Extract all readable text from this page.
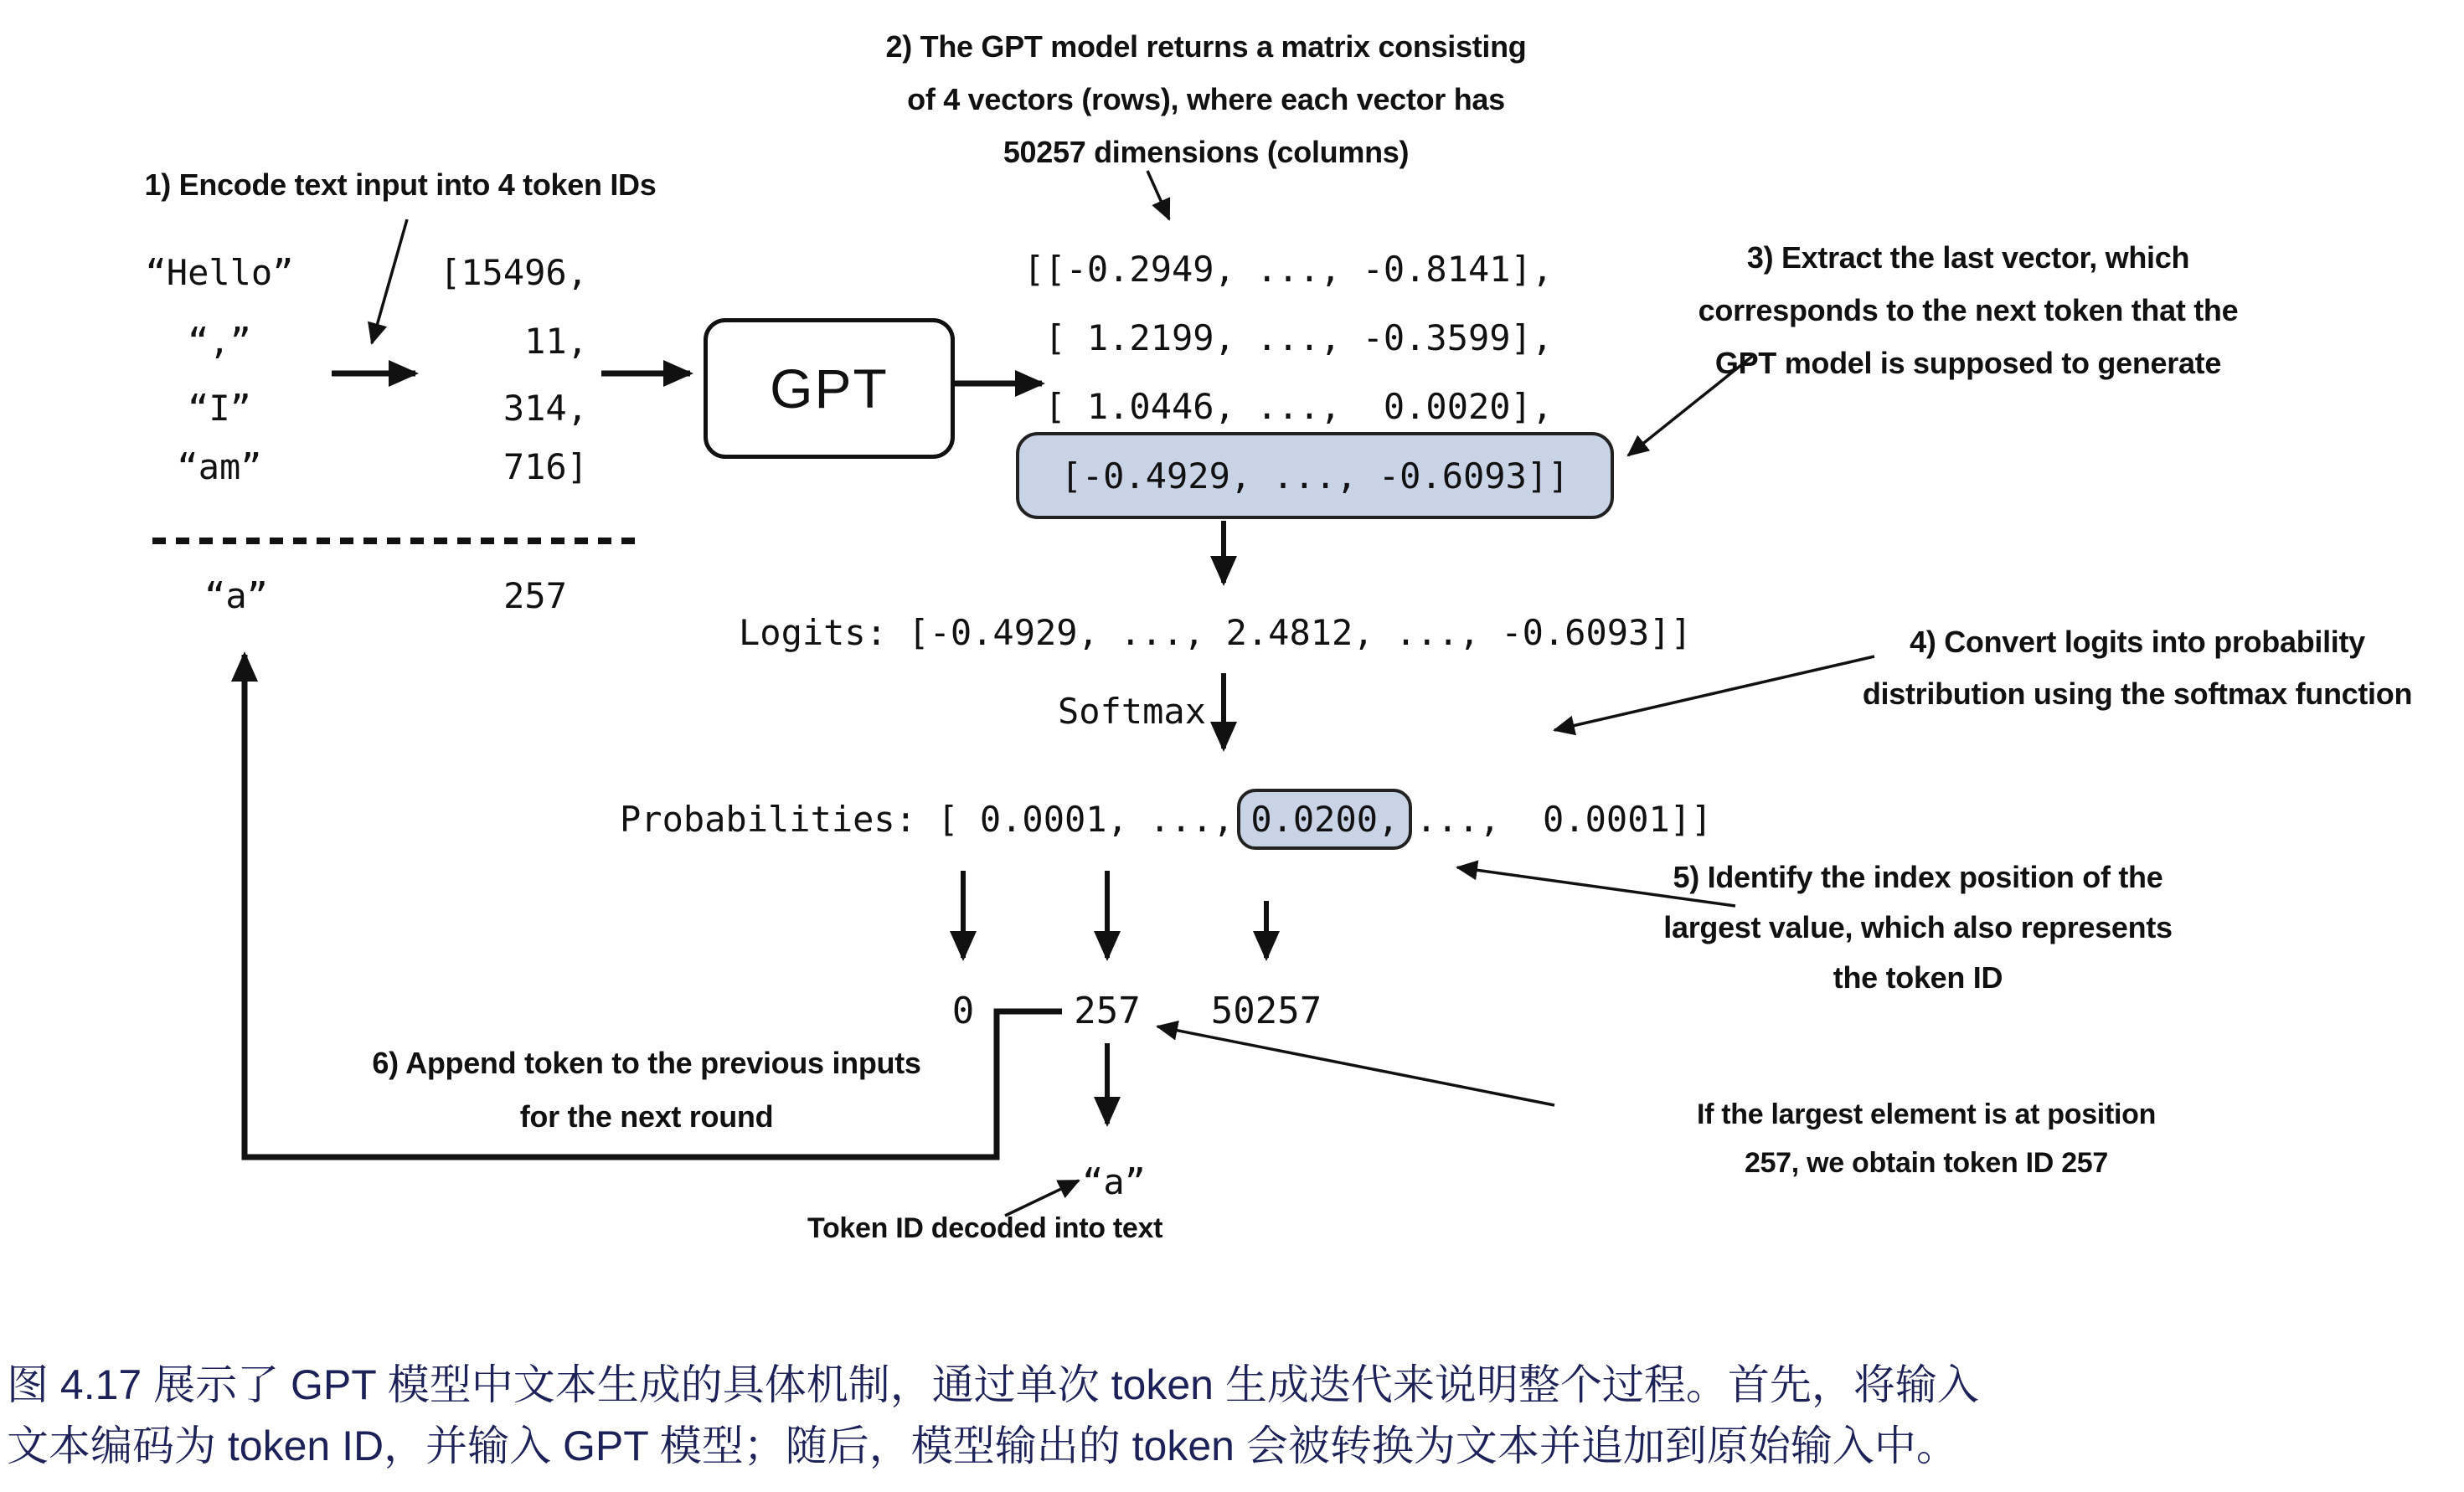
1) Encode text input into 4 token IDs
2) The GPT model returns a matrix consisting
of 4 vectors (rows), where each vector has
50257 dimensions (columns)
3) Extract the last vector, which
corresponds to the next token that the
GPT model is supposed to generate
4) Convert logits into probability
distribution using the softmax function
5) Identify the index position of the
largest value, which also represents
the token ID
6) Append token to the previous inputs
for the next round	If the largest element is at position
257, we obtain token ID 257
Token ID decoded into text
“Hello”
“,”
“I”
“am”
“a”
[15496,
11,
314,
716]
257
GPT
[[-0.2949, ..., -0.8141],
[ 1.2199, ..., -0.3599],
[ 1.0446, ...,  0.0020],
[-0.4929, ..., -0.6093]]
Logits: [-0.4929, ..., 2.4812, ..., -0.6093]]
Softmax
Probabilities: [ 0.0001, ..., 0.0200, ...,  0.0001]]
0	257 50257
“a”
图 4.17 展示了 GPT 模型中文本生成的具体机制，通过单次 token 生成迭代来说明整个过程。首先，将输入
文本编码为 token ID，并输入 GPT 模型；随后，模型输出的 token 会被转换为文本并追加到原始输入中。
